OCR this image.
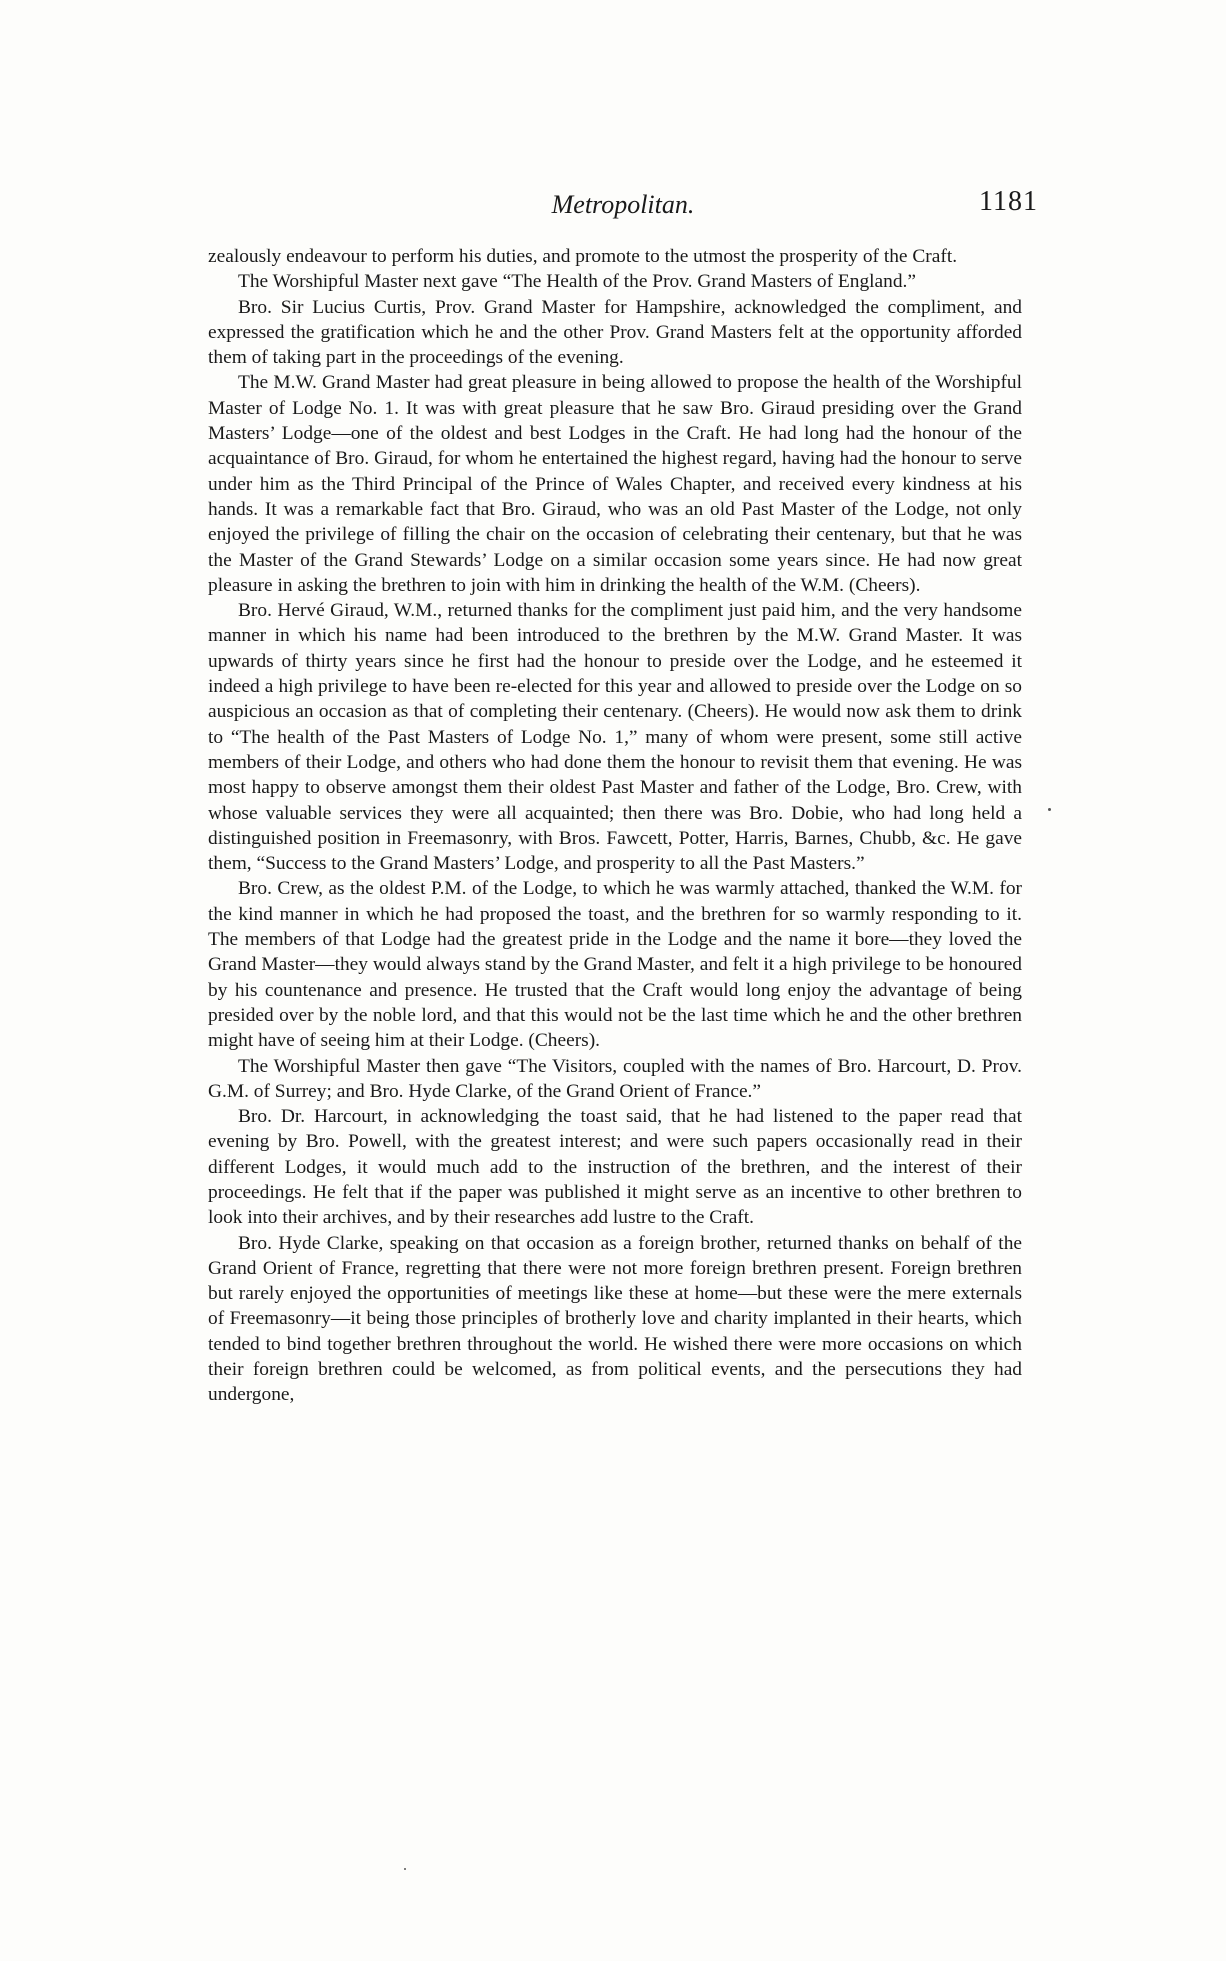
Metropolitan.	1181

zealously endeavour to perform his duties, and promote to the utmost the prosperity of the Craft.

The Worshipful Master next gave “The Health of the Prov. Grand Masters of England.”

Bro. Sir Lucius Curtis, Prov. Grand Master for Hampshire, acknowledged the compliment, and expressed the gratification which he and the other Prov. Grand Masters felt at the opportunity afforded them of taking part in the proceedings of the evening.

The M.W. Grand Master had great pleasure in being allowed to propose the health of the Worshipful Master of Lodge No. 1. It was with great pleasure that he saw Bro. Giraud presiding over the Grand Masters’ Lodge—one of the oldest and best Lodges in the Craft. He had long had the honour of the acquaintance of Bro. Giraud, for whom he entertained the highest regard, having had the honour to serve under him as the Third Principal of the Prince of Wales Chapter, and received every kindness at his hands. It was a remarkable fact that Bro. Giraud, who was an old Past Master of the Lodge, not only enjoyed the privilege of filling the chair on the occasion of celebrating their centenary, but that he was the Master of the Grand Stewards’ Lodge on a similar occasion some years since. He had now great pleasure in asking the brethren to join with him in drinking the health of the W.M. (Cheers).

Bro. Hervé Giraud, W.M., returned thanks for the compliment just paid him, and the very handsome manner in which his name had been introduced to the brethren by the M.W. Grand Master. It was upwards of thirty years since he first had the honour to preside over the Lodge, and he esteemed it indeed a high privilege to have been re-elected for this year and allowed to preside over the Lodge on so auspicious an occasion as that of completing their centenary. (Cheers). He would now ask them to drink to “The health of the Past Masters of Lodge No. 1,” many of whom were present, some still active members of their Lodge, and others who had done them the honour to revisit them that evening. He was most happy to observe amongst them their oldest Past Master and father of the Lodge, Bro. Crew, with whose valuable services they were all acquainted; then there was Bro. Dobie, who had long held a distinguished position in Freemasonry, with Bros. Fawcett, Potter, Harris, Barnes, Chubb, &c. He gave them, “Success to the Grand Masters’ Lodge, and prosperity to all the Past Masters.”

Bro. Crew, as the oldest P.M. of the Lodge, to which he was warmly attached, thanked the W.M. for the kind manner in which he had proposed the toast, and the brethren for so warmly responding to it. The members of that Lodge had the greatest pride in the Lodge and the name it bore—they loved the Grand Master—they would always stand by the Grand Master, and felt it a high privilege to be honoured by his countenance and presence. He trusted that the Craft would long enjoy the advantage of being presided over by the noble lord, and that this would not be the last time which he and the other brethren might have of seeing him at their Lodge. (Cheers).

The Worshipful Master then gave “The Visitors, coupled with the names of Bro. Harcourt, D. Prov. G.M. of Surrey; and Bro. Hyde Clarke, of the Grand Orient of France.”

Bro. Dr. Harcourt, in acknowledging the toast said, that he had listened to the paper read that evening by Bro. Powell, with the greatest interest; and were such papers occasionally read in their different Lodges, it would much add to the instruction of the brethren, and the interest of their proceedings. He felt that if the paper was published it might serve as an incentive to other brethren to look into their archives, and by their researches add lustre to the Craft.

Bro. Hyde Clarke, speaking on that occasion as a foreign brother, returned thanks on behalf of the Grand Orient of France, regretting that there were not more foreign brethren present. Foreign brethren but rarely enjoyed the opportunities of meetings like these at home—but these were the mere externals of Freemasonry—it being those principles of brotherly love and charity implanted in their hearts, which tended to bind together brethren throughout the world. He wished there were more occasions on which their foreign brethren could be welcomed, as from political events, and the persecutions they had undergone,
